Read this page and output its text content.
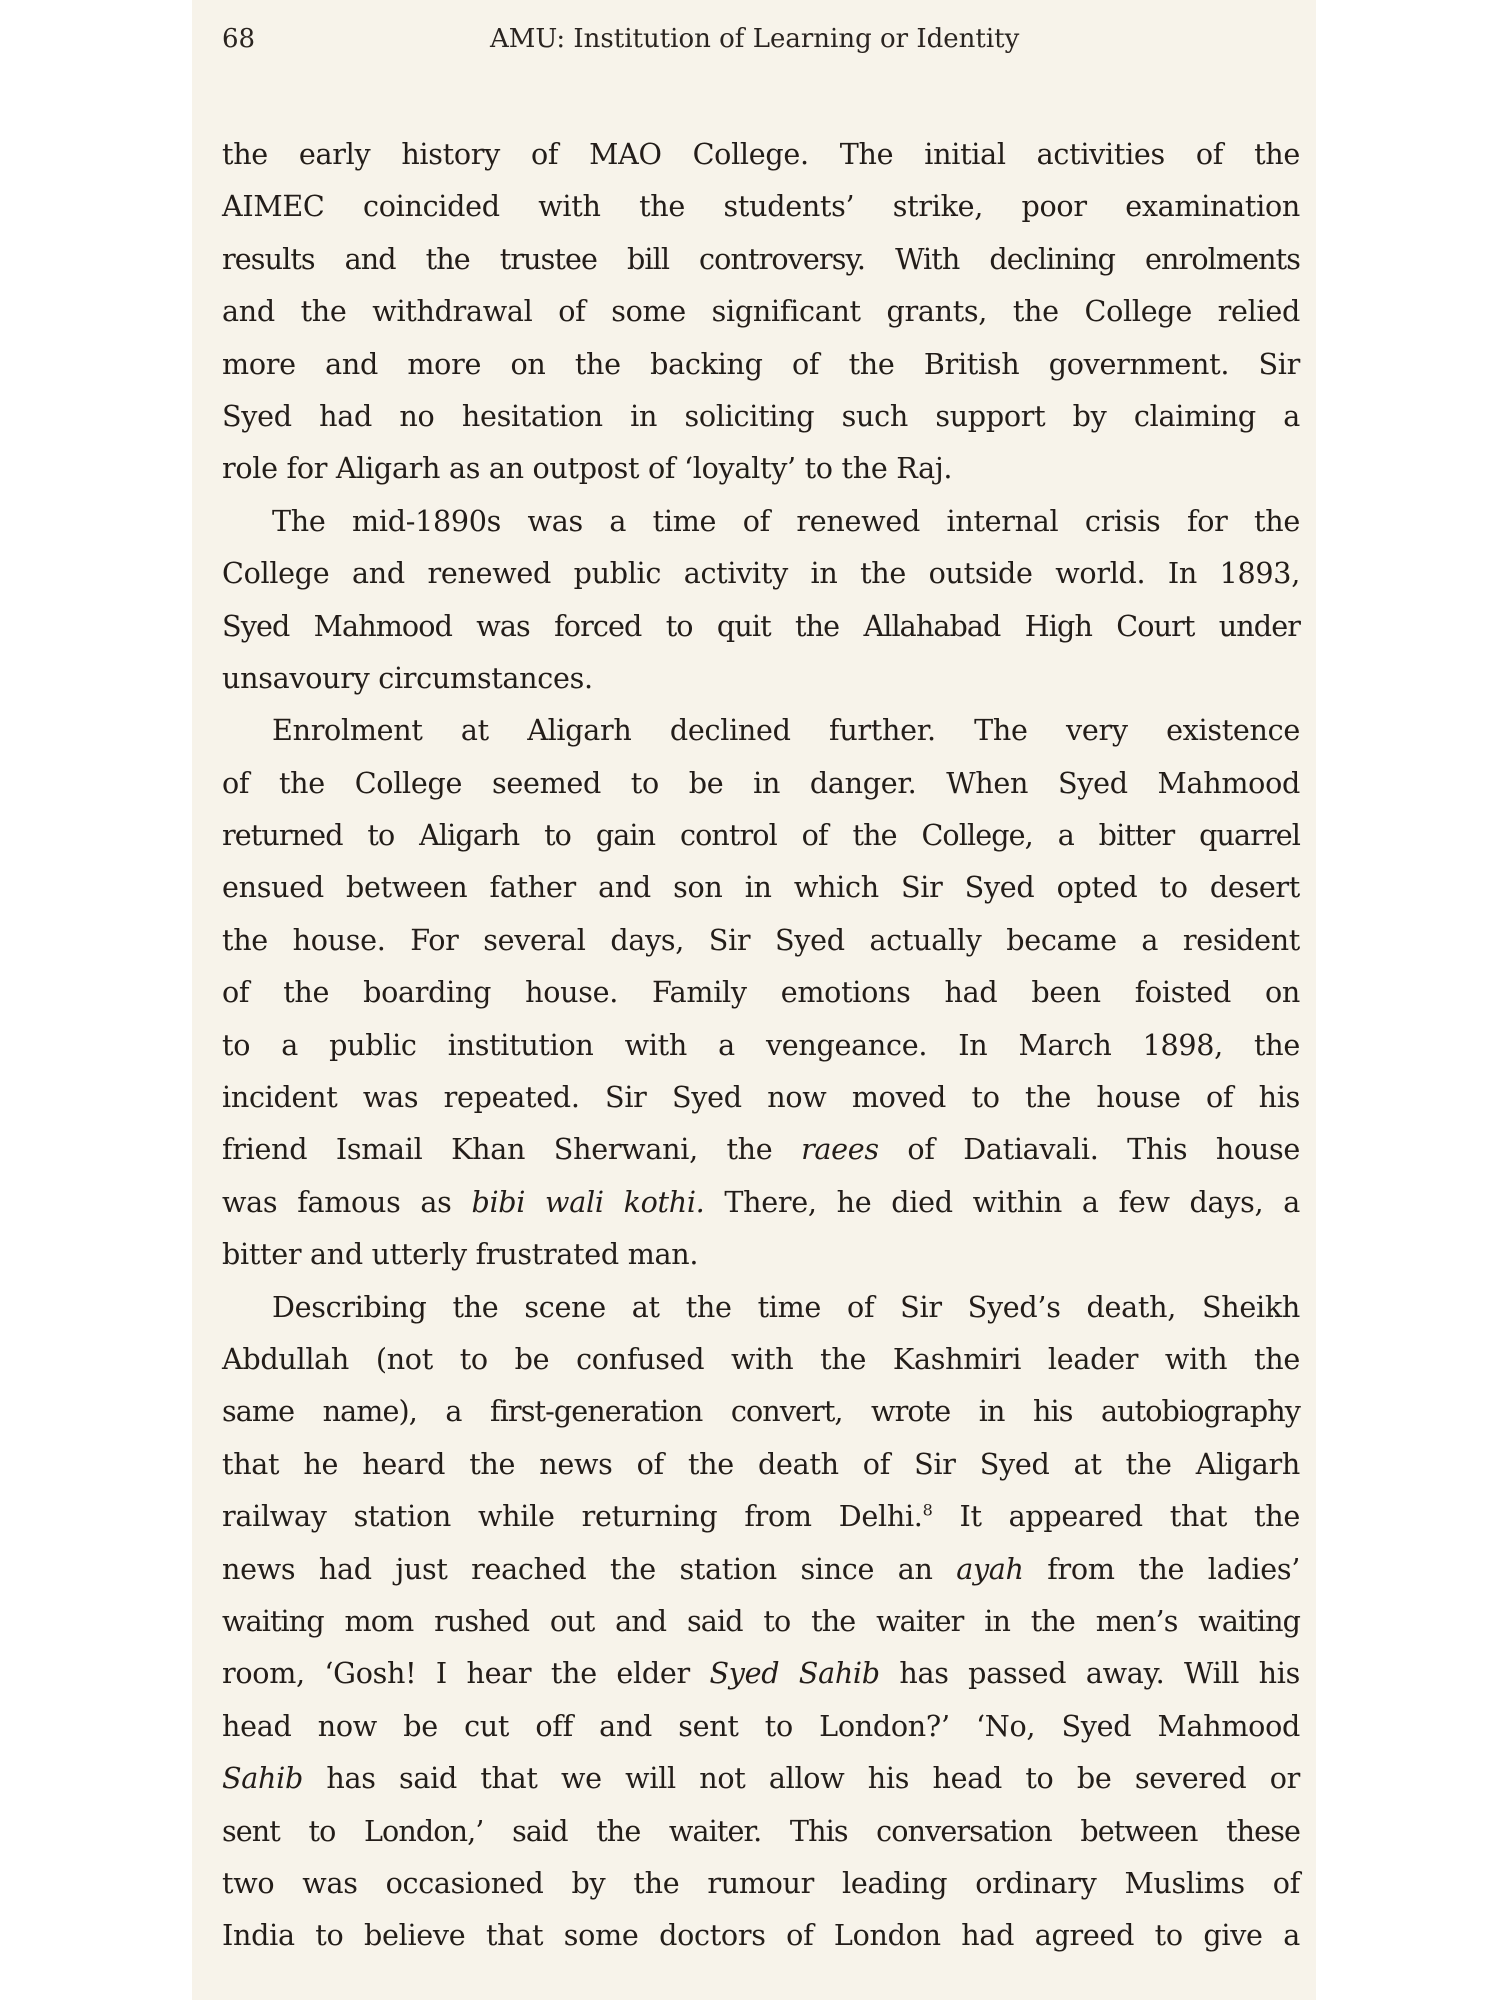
68	AMU: Institution of Learning or Identity
the early history of MAO College. The initial activities of the
AIMEC coincided with the students’ strike, poor examination
results and the trustee bill controversy. With declining enrolments
and the withdrawal of some significant grants, the College relied
more and more on the backing of the British government. Sir
Syed had no hesitation in soliciting such support by claiming a
role for Aligarh as an outpost of ‘loyalty’ to the Raj.
The mid-1890s was a time of renewed internal crisis for the
College and renewed public activity in the outside world. In 1893,
Syed Mahmood was forced to quit the Allahabad High Court under
unsavoury circumstances.
Enrolment at Aligarh declined further. The very existence
of the College seemed to be in danger. When Syed Mahmood
returned to Aligarh to gain control of the College, a bitter quarrel
ensued between father and son in which Sir Syed opted to desert
the house. For several days, Sir Syed actually became a resident
of the boarding house. Family emotions had been foisted on
to a public institution with a vengeance. In March 1898, the
incident was repeated. Sir Syed now moved to the house of his
friend Ismail Khan Sherwani, the raees of Datiavali. This house
was famous as bibi wali kothi. There, he died within a few days, a
bitter and utterly frustrated man.
Describing the scene at the time of Sir Syed’s death, Sheikh
Abdullah (not to be confused with the Kashmiri leader with the
same name), a first-generation convert, wrote in his autobiography
that he heard the news of the death of Sir Syed at the Aligarh
railway station while returning from Delhi.$^8$ It appeared that the
news had just reached the station since an ayah from the ladies’
waiting mom rushed out and said to the waiter in the men’s waiting
room, ‘Gosh! I hear the elder Syed Sahib has passed away. Will his
head now be cut off and sent to London?’ ‘No, Syed Mahmood
Sahib has said that we will not allow his head to be severed or
sent to London,’ said the waiter. This conversation between these
two was occasioned by the rumour leading ordinary Muslims of
India to believe that some doctors of London had agreed to give a
